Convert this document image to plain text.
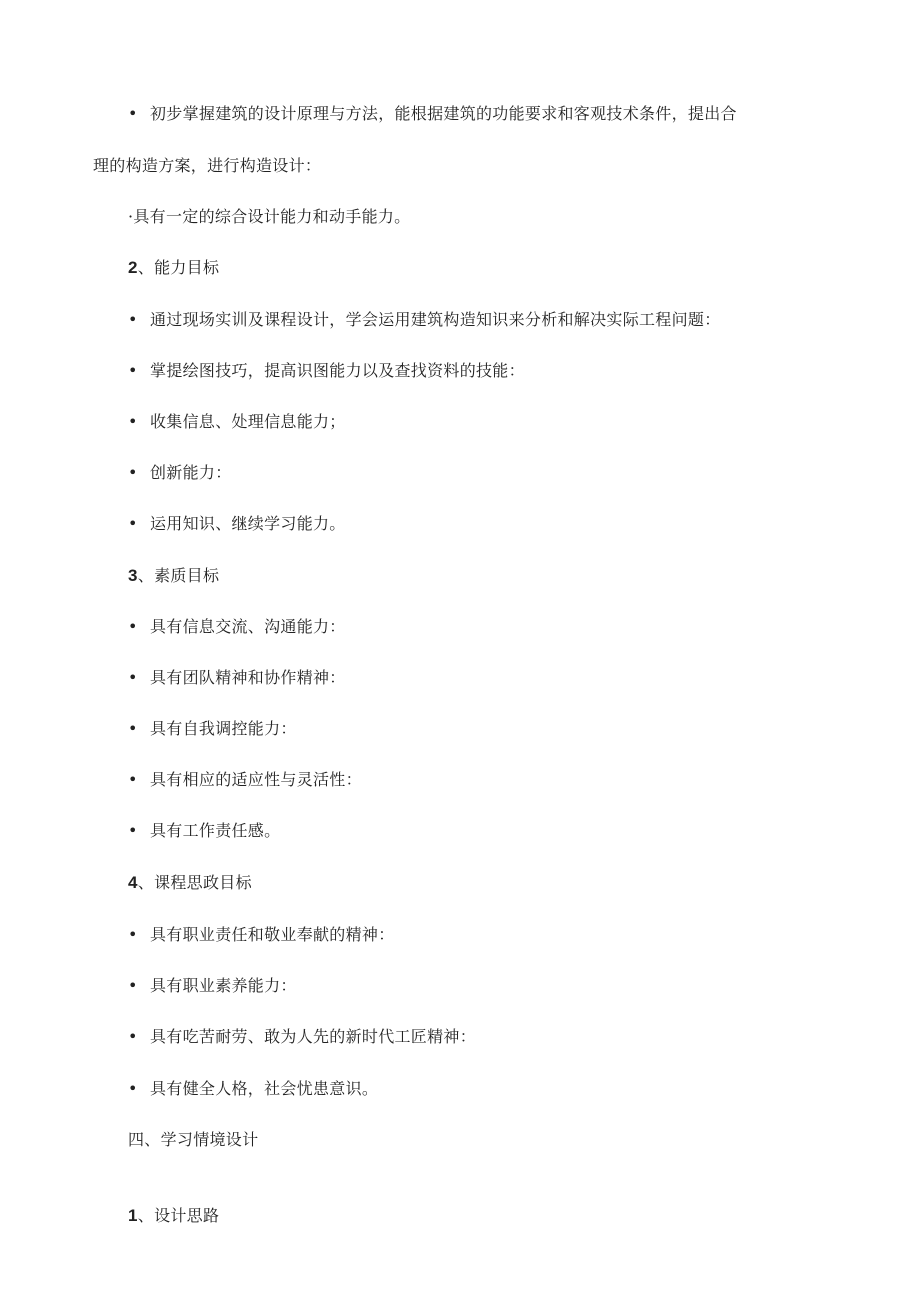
• 初步掌握建筑的设计原理与方法，能根据建筑的功能要求和客观技术条件，提出合
理的构造方案，进行构造设计：
·具有一定的综合设计能力和动手能力。
2、能力目标
• 通过现场实训及课程设计，学会运用建筑构造知识来分析和解决实际工程问题：
• 掌提绘图技巧，提高识图能力以及查找资料的技能：
• 收集信息、处理信息能力；
• 创新能力：
• 运用知识、继续学习能力。
3、素质目标
• 具有信息交流、沟通能力：
• 具有团队精神和协作精神：
• 具有自我调控能力：
• 具有相应的适应性与灵活性：
• 具有工作责任感。
4、课程思政目标
• 具有职业责任和敬业奉献的精神：
• 具有职业素养能力：
• 具有吃苦耐劳、敢为人先的新时代工匠精神：
• 具有健全人格，社会忧患意识。
四、学习情境设计
1、设计思路
